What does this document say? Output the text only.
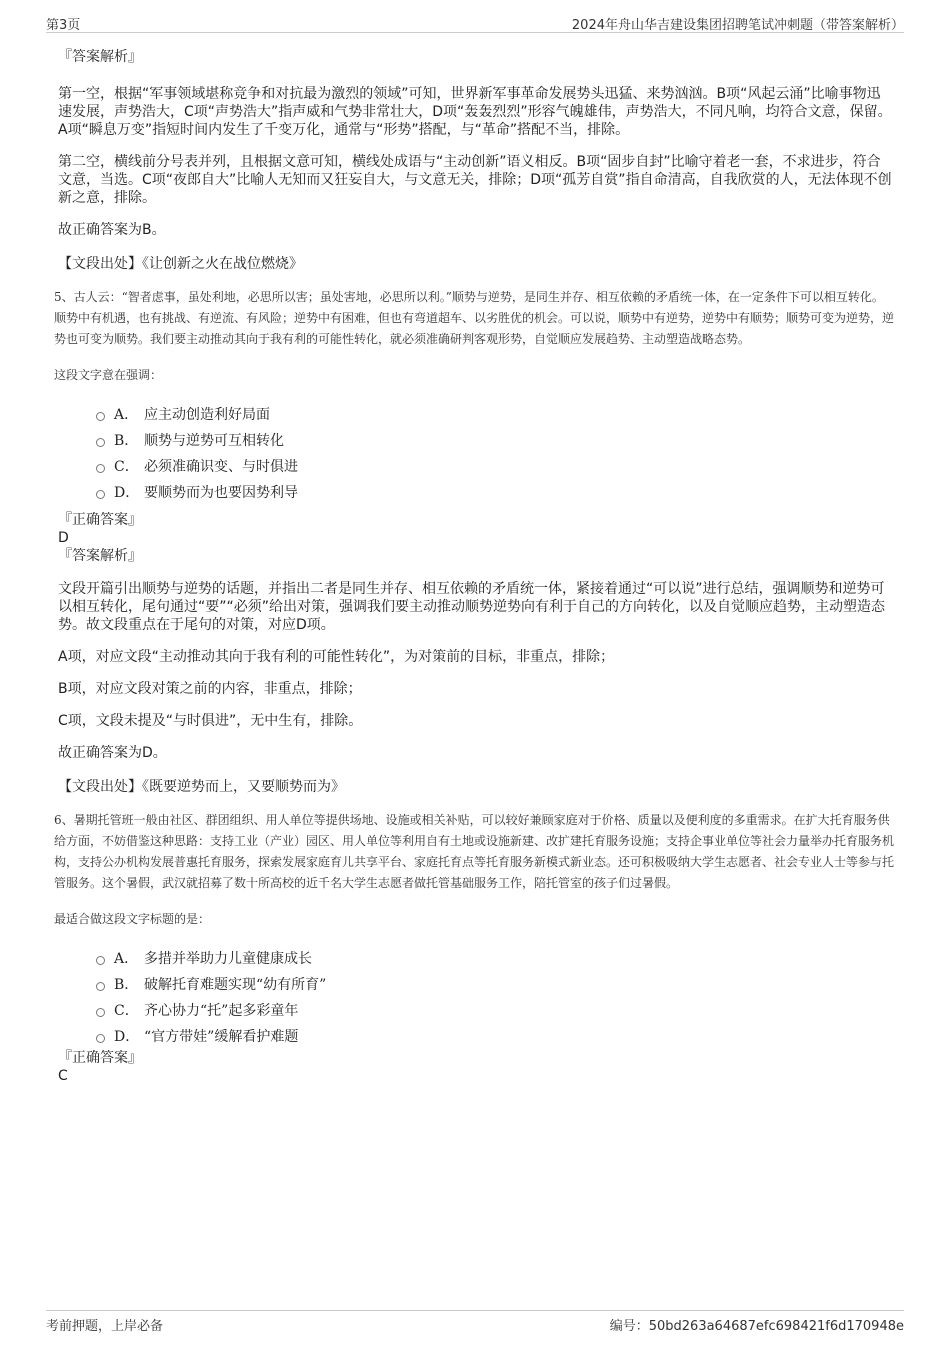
第3页	2024年舟山华吉建设集团招聘笔试冲刺题（带答案解析）
『答案解析』

第一空，根据“军事领域堪称竞争和对抗最为激烈的领域”可知，世界新军事革命发展势头迅猛、来势汹汹。B项“风起云涌”比喻事物迅速发展，声势浩大，C项“声势浩大”指声威和气势非常壮大，D项“轰轰烈烈”形容气魄雄伟，声势浩大，不同凡响，均符合文意，保留。A项“瞬息万变”指短时间内发生了千变万化，通常与“形势”搭配，与“革命”搭配不当，排除。

第二空，横线前分号表并列，且根据文意可知，横线处成语与“主动创新”语义相反。B项“固步自封”比喻守着老一套，不求进步，符合文意，当选。C项“夜郎自大”比喻人无知而又狂妄自大，与文意无关，排除；D项“孤芳自赏”指自命清高，自我欣赏的人，无法体现不创新之意，排除。

故正确答案为B。

【文段出处】《让创新之火在战位燃烧》
5、古人云：“智者虑事，虽处利地，必思所以害；虽处害地，必思所以利。”顺势与逆势，是同生并存、相互依赖的矛盾统一体，在一定条件下可以相互转化。顺势中有机遇，也有挑战、有逆流、有风险；逆势中有困难，但也有弯道超车、以劣胜优的机会。可以说，顺势中有逆势，逆势中有顺势；顺势可变为逆势，逆势也可变为顺势。我们要主动推动其向于我有利的可能性转化，就必须准确研判客观形势，自觉顺应发展趋势、主动塑造战略态势。
这段文字意在强调：
A． 应主动创造利好局面
B． 顺势与逆势可互相转化
C． 必须准确识变、与时俱进
D． 要顺势而为也要因势利导
『正确答案』
D
『答案解析』

文段开篇引出顺势与逆势的话题，并指出二者是同生并存、相互依赖的矛盾统一体，紧接着通过“可以说”进行总结，强调顺势和逆势可以相互转化，尾句通过“要”“必须”给出对策，强调我们要主动推动顺势逆势向有利于自己的方向转化，以及自觉顺应趋势，主动塑造态势。故文段重点在于尾句的对策，对应D项。

A项，对应文段“主动推动其向于我有利的可能性转化”，为对策前的目标，非重点，排除；

B项，对应文段对策之前的内容，非重点，排除；

C项，文段未提及“与时俱进”，无中生有，排除。

故正确答案为D。

【文段出处】《既要逆势而上，又要顺势而为》
6、暑期托管班一般由社区、群团组织、用人单位等提供场地、设施或相关补贴，可以较好兼顾家庭对于价格、质量以及便利度的多重需求。在扩大托育服务供给方面，不妨借鉴这种思路：支持工业（产业）园区、用人单位等利用自有土地或设施新建、改扩建托育服务设施；支持企事业单位等社会力量举办托育服务机构，支持公办机构发展普惠托育服务，探索发展家庭育儿共享平台、家庭托育点等托育服务新模式新业态。还可积极吸纳大学生志愿者、社会专业人士等参与托管服务。这个暑假，武汉就招募了数十所高校的近千名大学生志愿者做托管基础服务工作，陪托管室的孩子们过暑假。
最适合做这段文字标题的是：
A． 多措并举助力儿童健康成长
B． 破解托育难题实现“幼有所育”
C． 齐心协力“托”起多彩童年
D． “官方带娃”缓解看护难题
『正确答案』
C
考前押题，上岸必备	编号：50bd263a64687efc698421f6d170948e
